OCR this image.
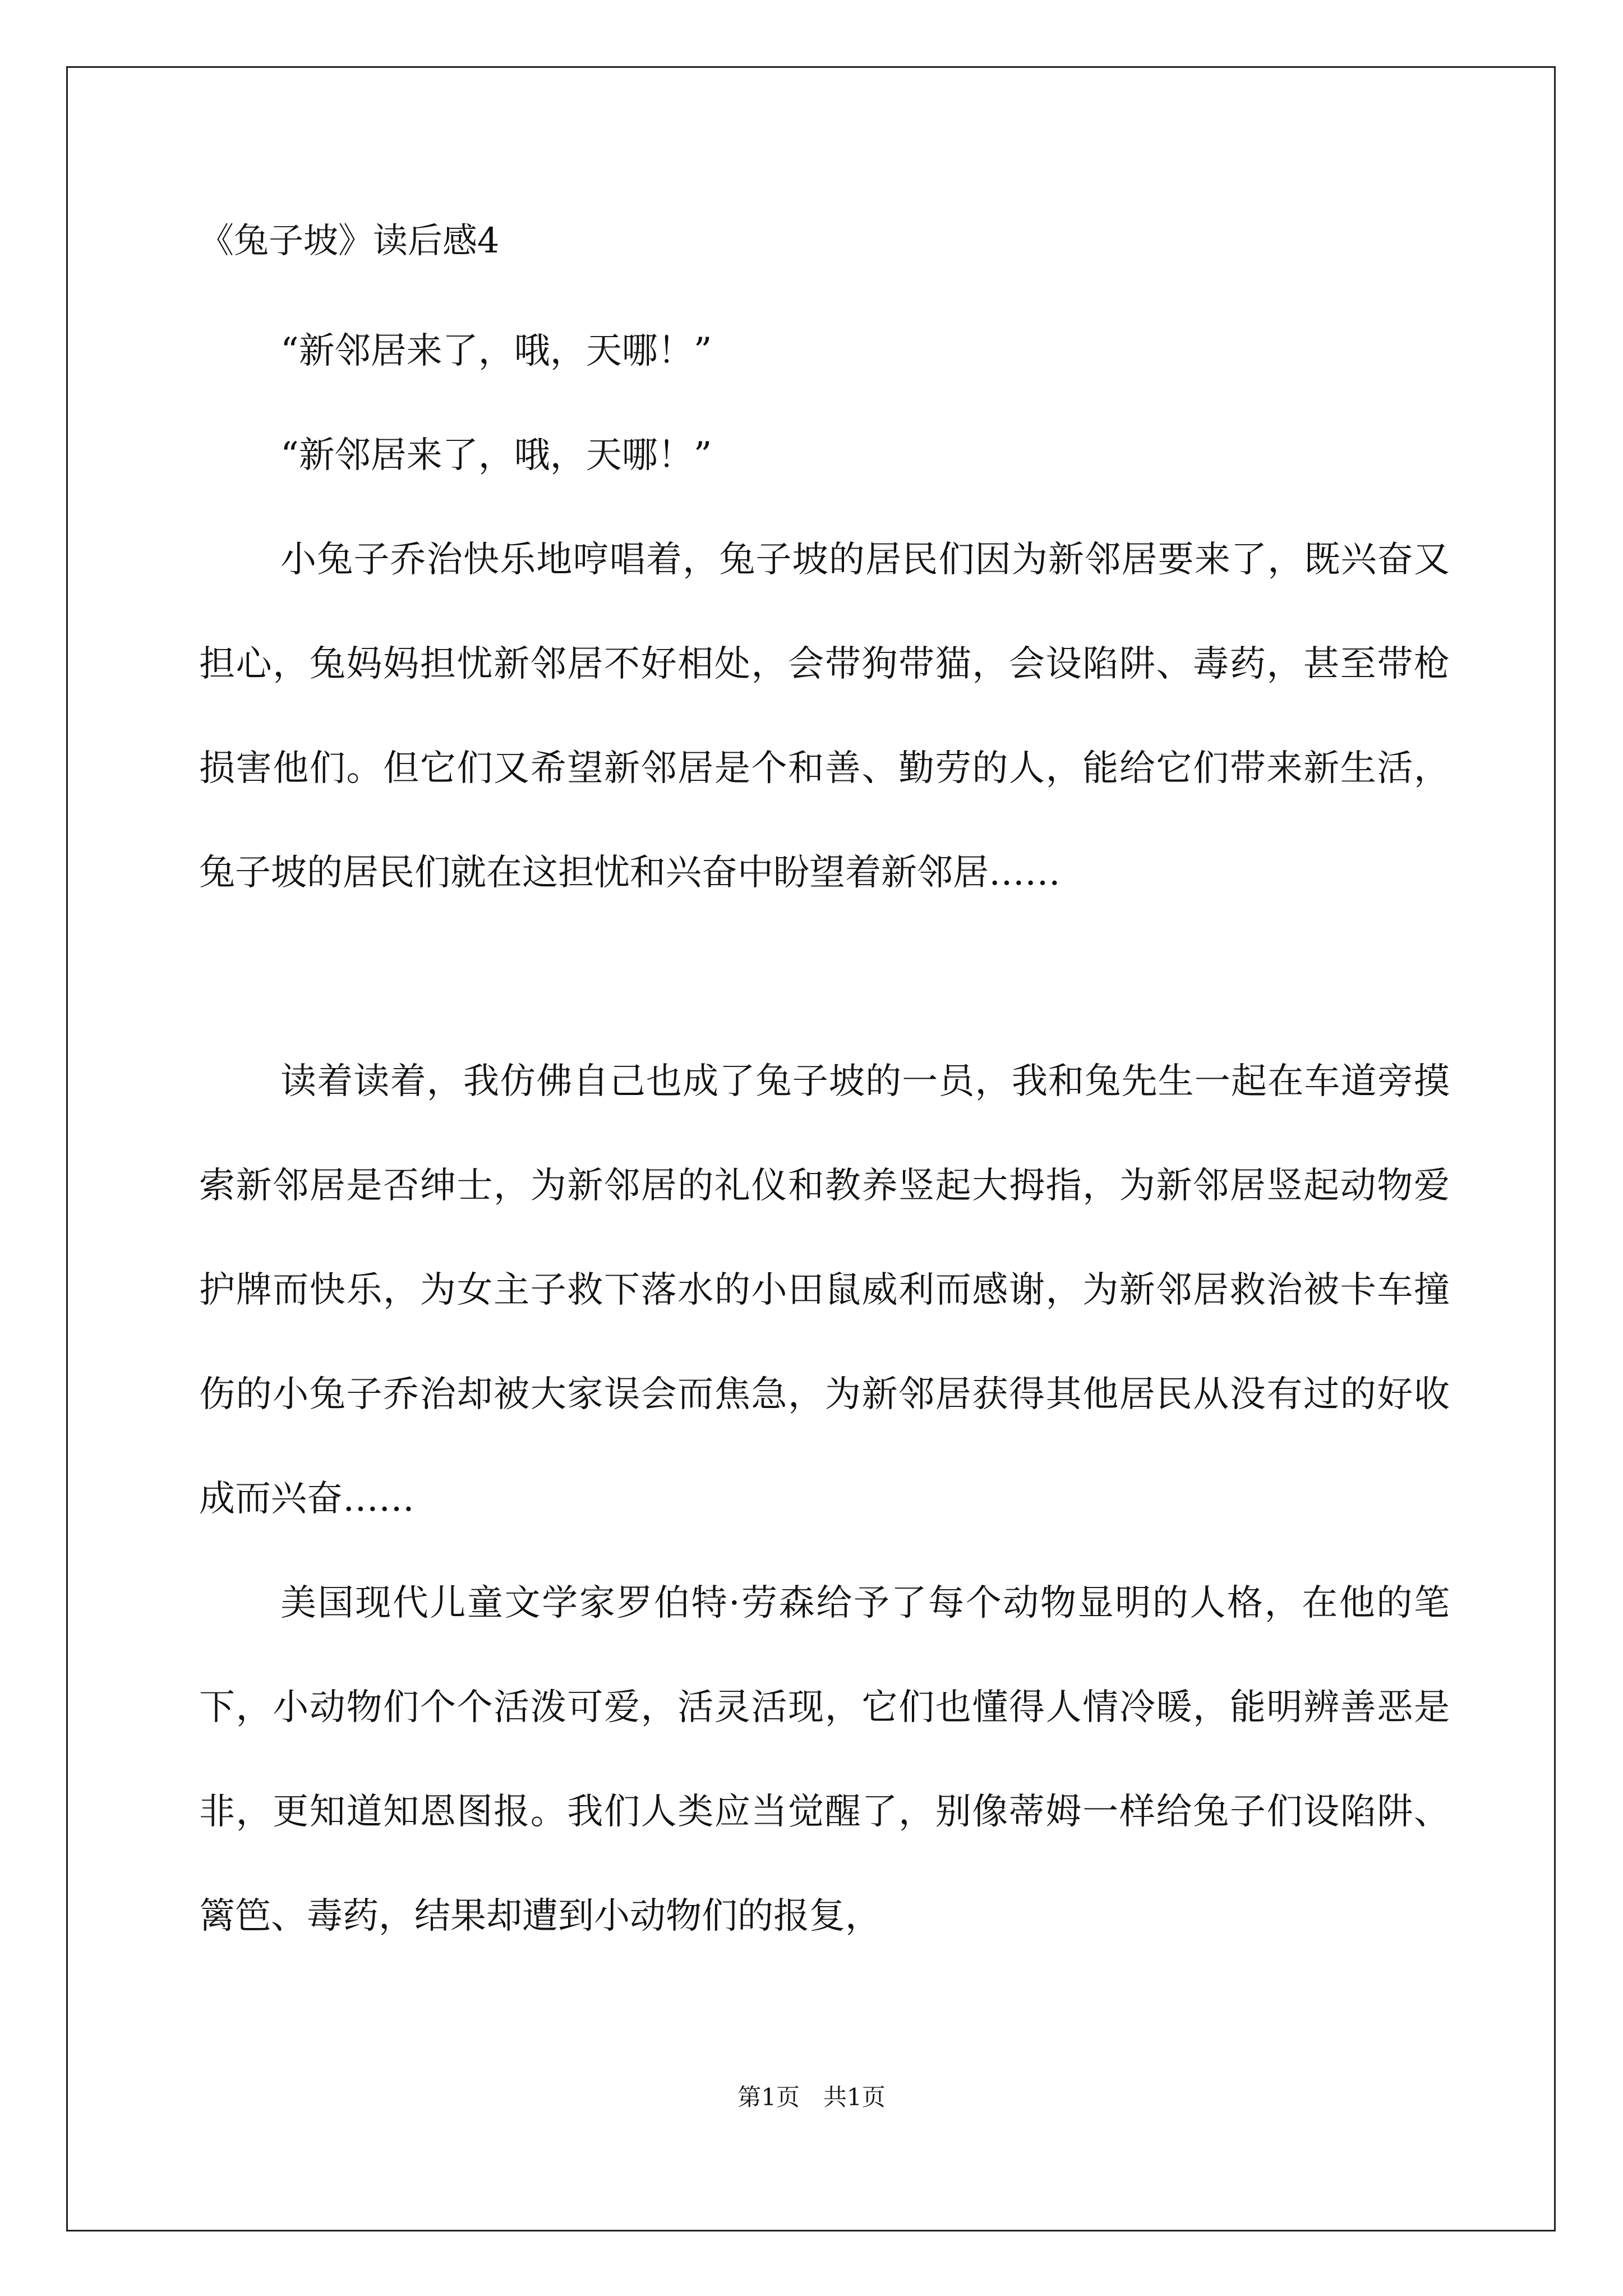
《兔子坡》读后感4

“新邻居来了，哦，天哪！”

“新邻居来了，哦，天哪！”

小兔子乔治快乐地哼唱着，兔子坡的居民们因为新邻居要来了，既兴奋又担心，兔妈妈担忧新邻居不好相处，会带狗带猫，会设陷阱、毒药，甚至带枪损害他们。但它们又希望新邻居是个和善、勤劳的人，能给它们带来新生活，兔子坡的居民们就在这担忧和兴奋中盼望着新邻居……

读着读着，我仿佛自己也成了兔子坡的一员，我和兔先生一起在车道旁摸索新邻居是否绅士，为新邻居的礼仪和教养竖起大拇指，为新邻居竖起动物爱护牌而快乐，为女主子救下落水的小田鼠威利而感谢，为新邻居救治被卡车撞伤的小兔子乔治却被大家误会而焦急，为新邻居获得其他居民从没有过的好收成而兴奋……

美国现代儿童文学家罗伯特·劳森给予了每个动物显明的人格，在他的笔下，小动物们个个活泼可爱，活灵活现，它们也懂得人情冷暖，能明辨善恶是非，更知道知恩图报。我们人类应当觉醒了，别像蒂姆一样给兔子们设陷阱、篱笆、毒药，结果却遭到小动物们的报复，

第1页　共1页
